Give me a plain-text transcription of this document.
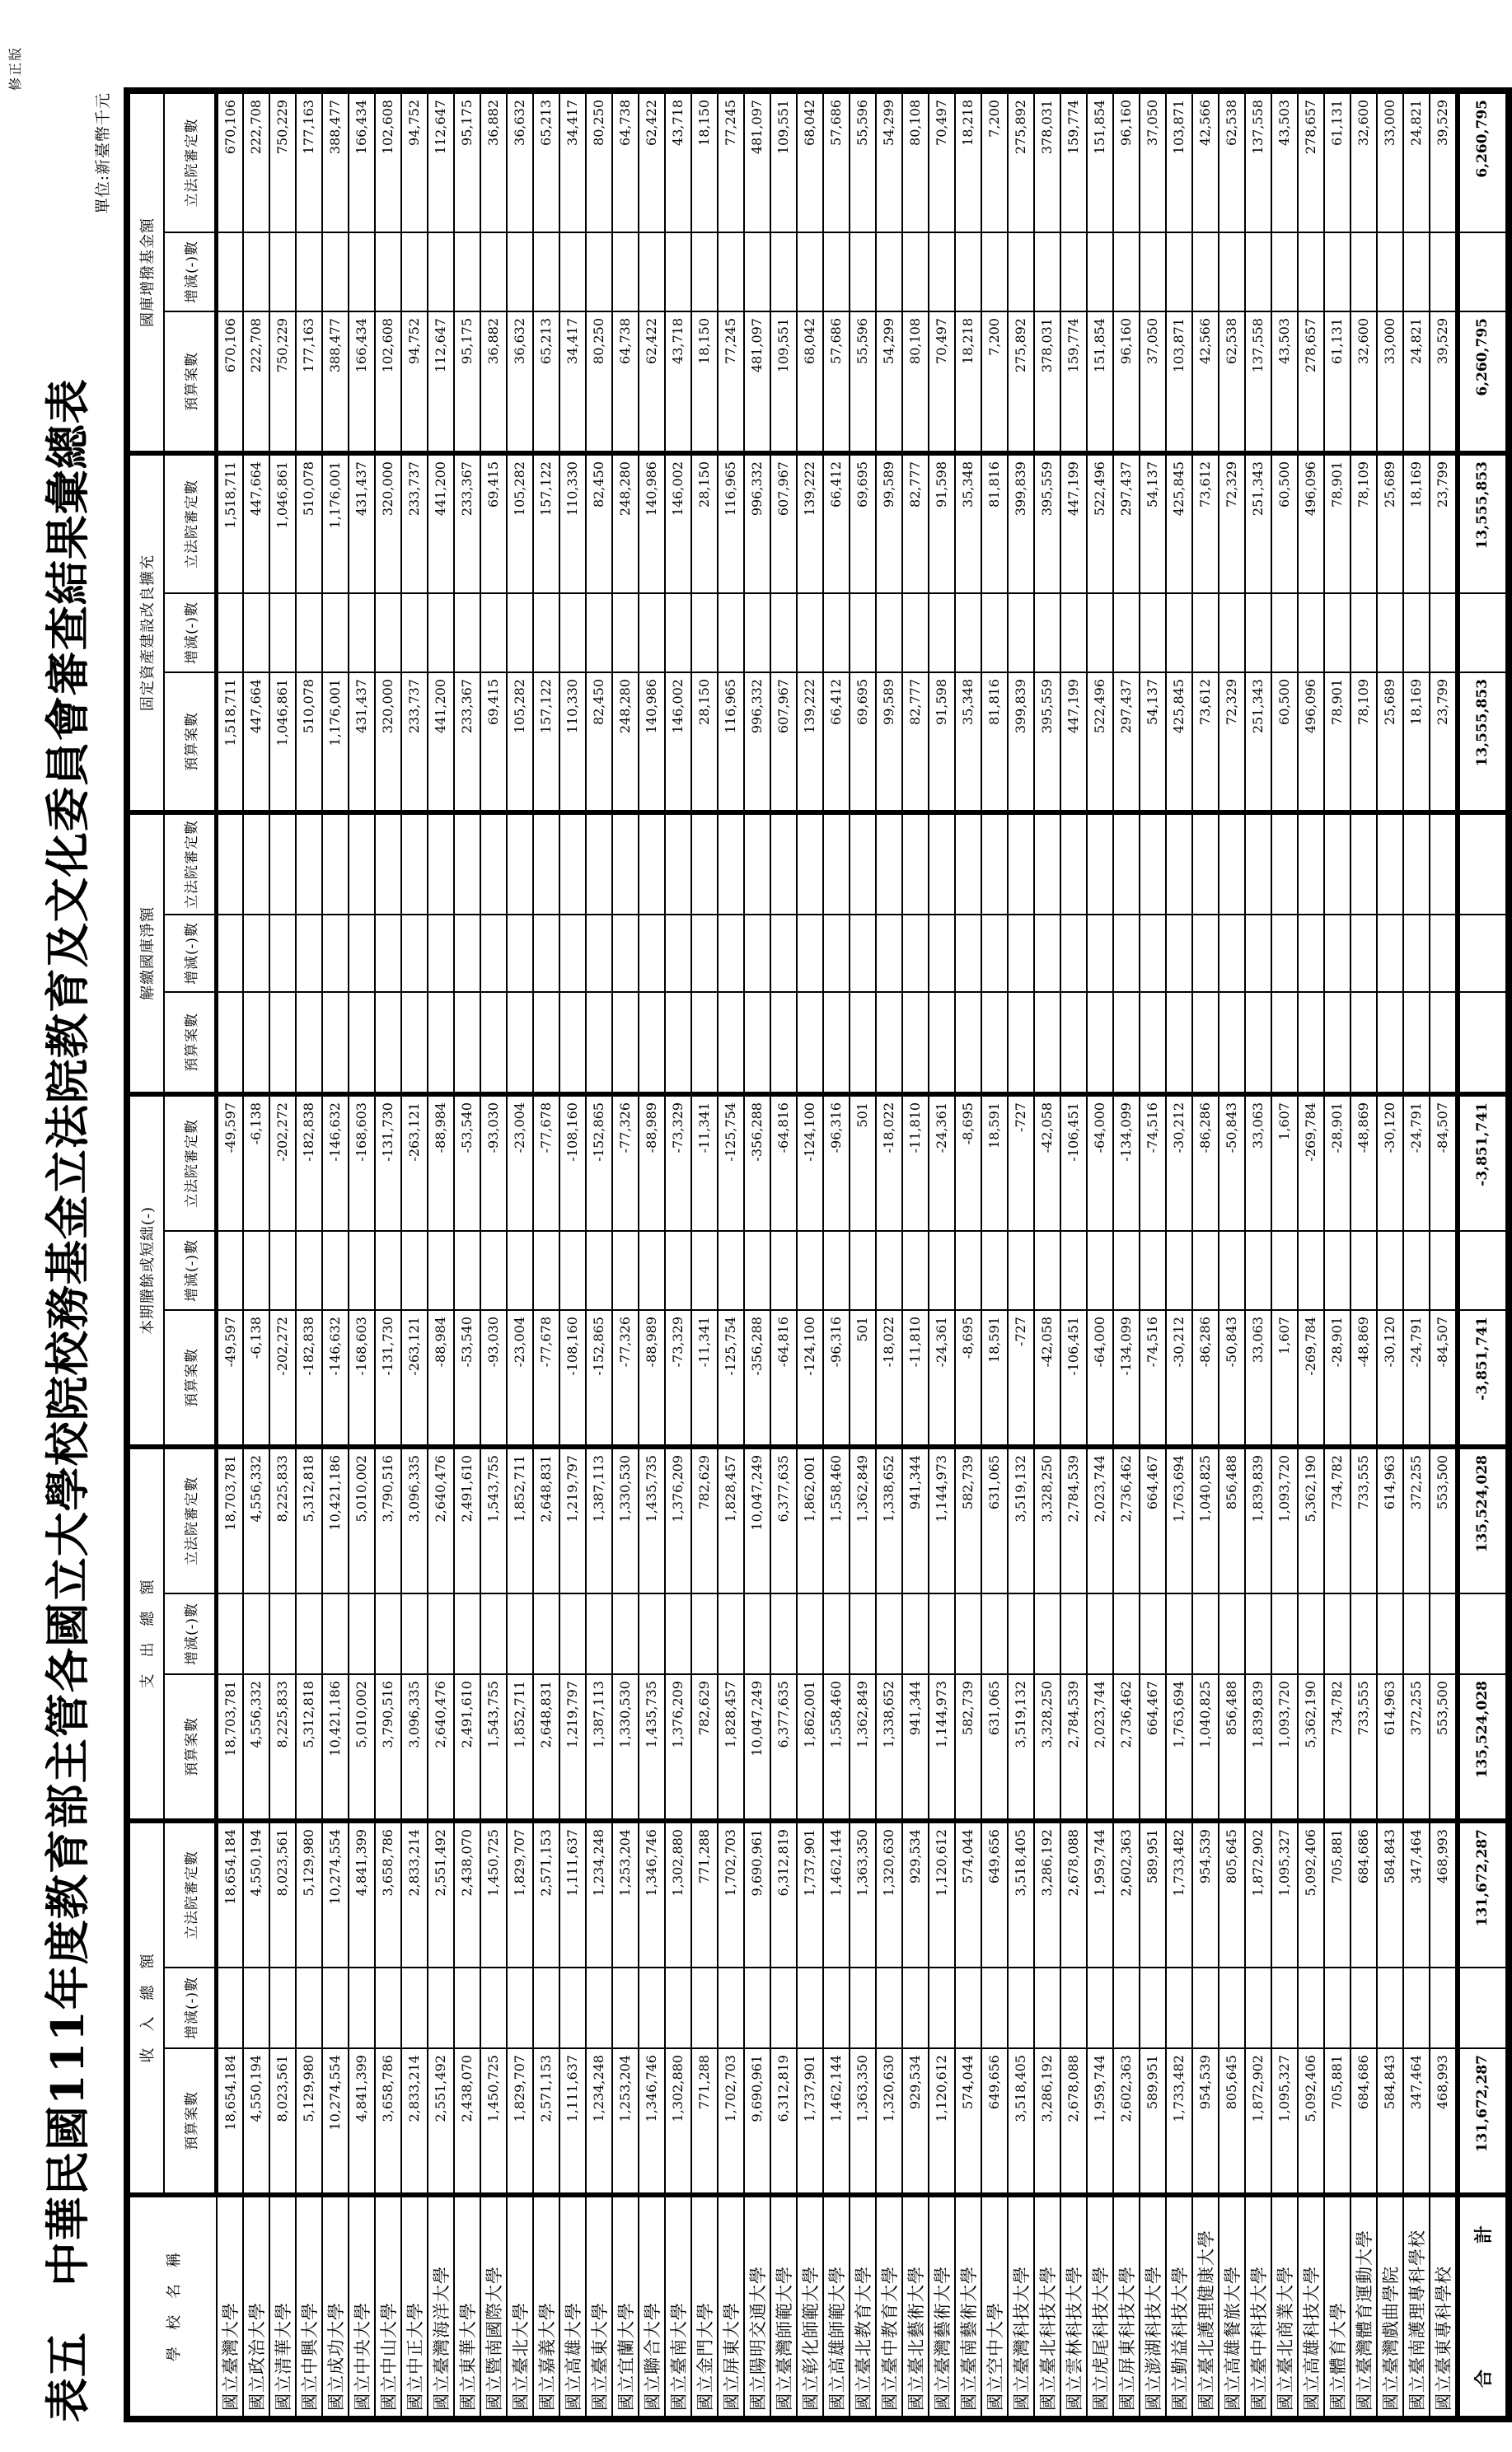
修正版
表五　中華民國111年度教育部主管各國立大學校院校務基金立法院教育及文化委員會審查結果彙總表
單位:新臺幣千元
學　校　名　稱	收　入　總　額			支　出　總　額			本期賸餘或短絀(-)			解繳國庫淨額			固定資產建設改良擴充			國庫增撥基金額		
	預算案數	增減(-)數	立法院審定數	預算案數	增減(-)數	立法院審定數	預算案數	增減(-)數	立法院審定數	預算案數	增減(-)數	立法院審定數	預算案數	增減(-)數	立法院審定數	預算案數	增減(-)數	立法院審定數
國立臺灣大學	18,654,184		18,654,184	18,703,781		18,703,781	-49,597		-49,597				1,518,711		1,518,711	670,106		670,106
國立政治大學	4,550,194		4,550,194	4,556,332		4,556,332	-6,138		-6,138				447,664		447,664	222,708		222,708
國立清華大學	8,023,561		8,023,561	8,225,833		8,225,833	-202,272		-202,272				1,046,861		1,046,861	750,229		750,229
國立中興大學	5,129,980		5,129,980	5,312,818		5,312,818	-182,838		-182,838				510,078		510,078	177,163		177,163
國立成功大學	10,274,554		10,274,554	10,421,186		10,421,186	-146,632		-146,632				1,176,001		1,176,001	388,477		388,477
國立中央大學	4,841,399		4,841,399	5,010,002		5,010,002	-168,603		-168,603				431,437		431,437	166,434		166,434
國立中山大學	3,658,786		3,658,786	3,790,516		3,790,516	-131,730		-131,730				320,000		320,000	102,608		102,608
國立中正大學	2,833,214		2,833,214	3,096,335		3,096,335	-263,121		-263,121				233,737		233,737	94,752		94,752
國立臺灣海洋大學	2,551,492		2,551,492	2,640,476		2,640,476	-88,984		-88,984				441,200		441,200	112,647		112,647
國立東華大學	2,438,070		2,438,070	2,491,610		2,491,610	-53,540		-53,540				233,367		233,367	95,175		95,175
國立暨南國際大學	1,450,725		1,450,725	1,543,755		1,543,755	-93,030		-93,030				69,415		69,415	36,882		36,882
國立臺北大學	1,829,707		1,829,707	1,852,711		1,852,711	-23,004		-23,004				105,282		105,282	36,632		36,632
國立嘉義大學	2,571,153		2,571,153	2,648,831		2,648,831	-77,678		-77,678				157,122		157,122	65,213		65,213
國立高雄大學	1,111,637		1,111,637	1,219,797		1,219,797	-108,160		-108,160				110,330		110,330	34,417		34,417
國立臺東大學	1,234,248		1,234,248	1,387,113		1,387,113	-152,865		-152,865				82,450		82,450	80,250		80,250
國立宜蘭大學	1,253,204		1,253,204	1,330,530		1,330,530	-77,326		-77,326				248,280		248,280	64,738		64,738
國立聯合大學	1,346,746		1,346,746	1,435,735		1,435,735	-88,989		-88,989				140,986		140,986	62,422		62,422
國立臺南大學	1,302,880		1,302,880	1,376,209		1,376,209	-73,329		-73,329				146,002		146,002	43,718		43,718
國立金門大學	771,288		771,288	782,629		782,629	-11,341		-11,341				28,150		28,150	18,150		18,150
國立屏東大學	1,702,703		1,702,703	1,828,457		1,828,457	-125,754		-125,754				116,965		116,965	77,245		77,245
國立陽明交通大學	9,690,961		9,690,961	10,047,249		10,047,249	-356,288		-356,288				996,332		996,332	481,097		481,097
國立臺灣師範大學	6,312,819		6,312,819	6,377,635		6,377,635	-64,816		-64,816				607,967		607,967	109,551		109,551
國立彰化師範大學	1,737,901		1,737,901	1,862,001		1,862,001	-124,100		-124,100				139,222		139,222	68,042		68,042
國立高雄師範大學	1,462,144		1,462,144	1,558,460		1,558,460	-96,316		-96,316				66,412		66,412	57,686		57,686
國立臺北教育大學	1,363,350		1,363,350	1,362,849		1,362,849	501		501				69,695		69,695	55,596		55,596
國立臺中教育大學	1,320,630		1,320,630	1,338,652		1,338,652	-18,022		-18,022				99,589		99,589	54,299		54,299
國立臺北藝術大學	929,534		929,534	941,344		941,344	-11,810		-11,810				82,777		82,777	80,108		80,108
國立臺灣藝術大學	1,120,612		1,120,612	1,144,973		1,144,973	-24,361		-24,361				91,598		91,598	70,497		70,497
國立臺南藝術大學	574,044		574,044	582,739		582,739	-8,695		-8,695				35,348		35,348	18,218		18,218
國立空中大學	649,656		649,656	631,065		631,065	18,591		18,591				81,816		81,816	7,200		7,200
國立臺灣科技大學	3,518,405		3,518,405	3,519,132		3,519,132	-727		-727				399,839		399,839	275,892		275,892
國立臺北科技大學	3,286,192		3,286,192	3,328,250		3,328,250	-42,058		-42,058				395,559		395,559	378,031		378,031
國立雲林科技大學	2,678,088		2,678,088	2,784,539		2,784,539	-106,451		-106,451				447,199		447,199	159,774		159,774
國立虎尾科技大學	1,959,744		1,959,744	2,023,744		2,023,744	-64,000		-64,000				522,496		522,496	151,854		151,854
國立屏東科技大學	2,602,363		2,602,363	2,736,462		2,736,462	-134,099		-134,099				297,437		297,437	96,160		96,160
國立澎湖科技大學	589,951		589,951	664,467		664,467	-74,516		-74,516				54,137		54,137	37,050		37,050
國立勤益科技大學	1,733,482		1,733,482	1,763,694		1,763,694	-30,212		-30,212				425,845		425,845	103,871		103,871
國立臺北護理健康大學	954,539		954,539	1,040,825		1,040,825	-86,286		-86,286				73,612		73,612	42,566		42,566
國立高雄餐旅大學	805,645		805,645	856,488		856,488	-50,843		-50,843				72,329		72,329	62,538		62,538
國立臺中科技大學	1,872,902		1,872,902	1,839,839		1,839,839	33,063		33,063				251,343		251,343	137,558		137,558
國立臺北商業大學	1,095,327		1,095,327	1,093,720		1,093,720	1,607		1,607				60,500		60,500	43,503		43,503
國立高雄科技大學	5,092,406		5,092,406	5,362,190		5,362,190	-269,784		-269,784				496,096		496,096	278,657		278,657
國立體育大學	705,881		705,881	734,782		734,782	-28,901		-28,901				78,901		78,901	61,131		61,131
國立臺灣體育運動大學	684,686		684,686	733,555		733,555	-48,869		-48,869				78,109		78,109	32,600		32,600
國立臺灣戲曲學院	584,843		584,843	614,963		614,963	-30,120		-30,120				25,689		25,689	33,000		33,000
國立臺南護理專科學校	347,464		347,464	372,255		372,255	-24,791		-24,791				18,169		18,169	24,821		24,821
國立臺東專科學校	468,993		468,993	553,500		553,500	-84,507		-84,507				23,799		23,799	39,529		39,529
合　計	131,672,287		131,672,287	135,524,028		135,524,028	-3,851,741		-3,851,741				13,555,853		13,555,853	6,260,795		6,260,795
